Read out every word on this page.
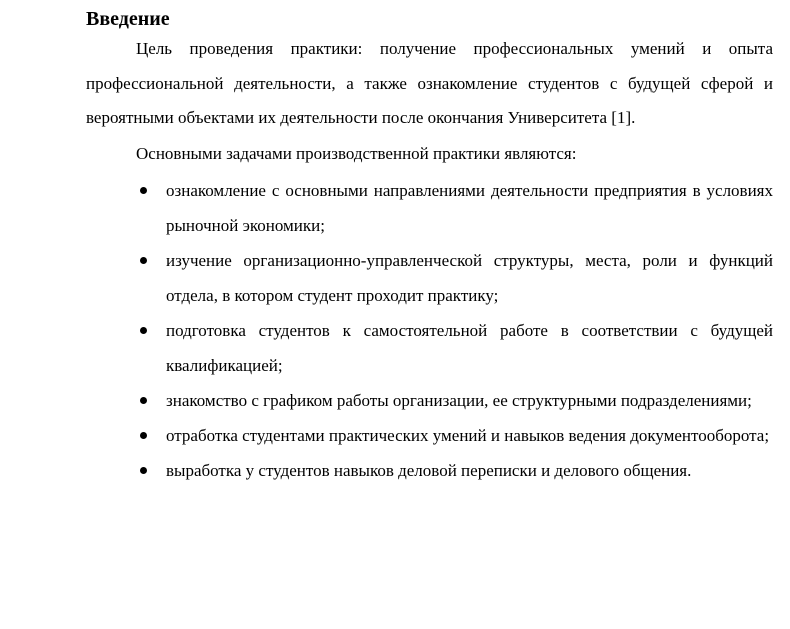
Введение

Цель проведения практики: получение профессиональных умений и опыта профессиональной деятельности, а также ознакомление студентов с будущей сферой и вероятными объектами их деятельности после окончания Университета [1].

Основными задачами производственной практики являются:

ознакомление с основными направлениями деятельности предприятия в условиях рыночной экономики;
изучение организационно-управленческой структуры, места, роли и функций отдела, в котором студент проходит практику;
подготовка студентов к самостоятельной работе в соответствии с будущей квалификацией;
знакомство с графиком работы организации, ее структурными подразделениями;
отработка студентами практических умений и навыков ведения документооборота;
выработка у студентов навыков деловой переписки и делового общения.
